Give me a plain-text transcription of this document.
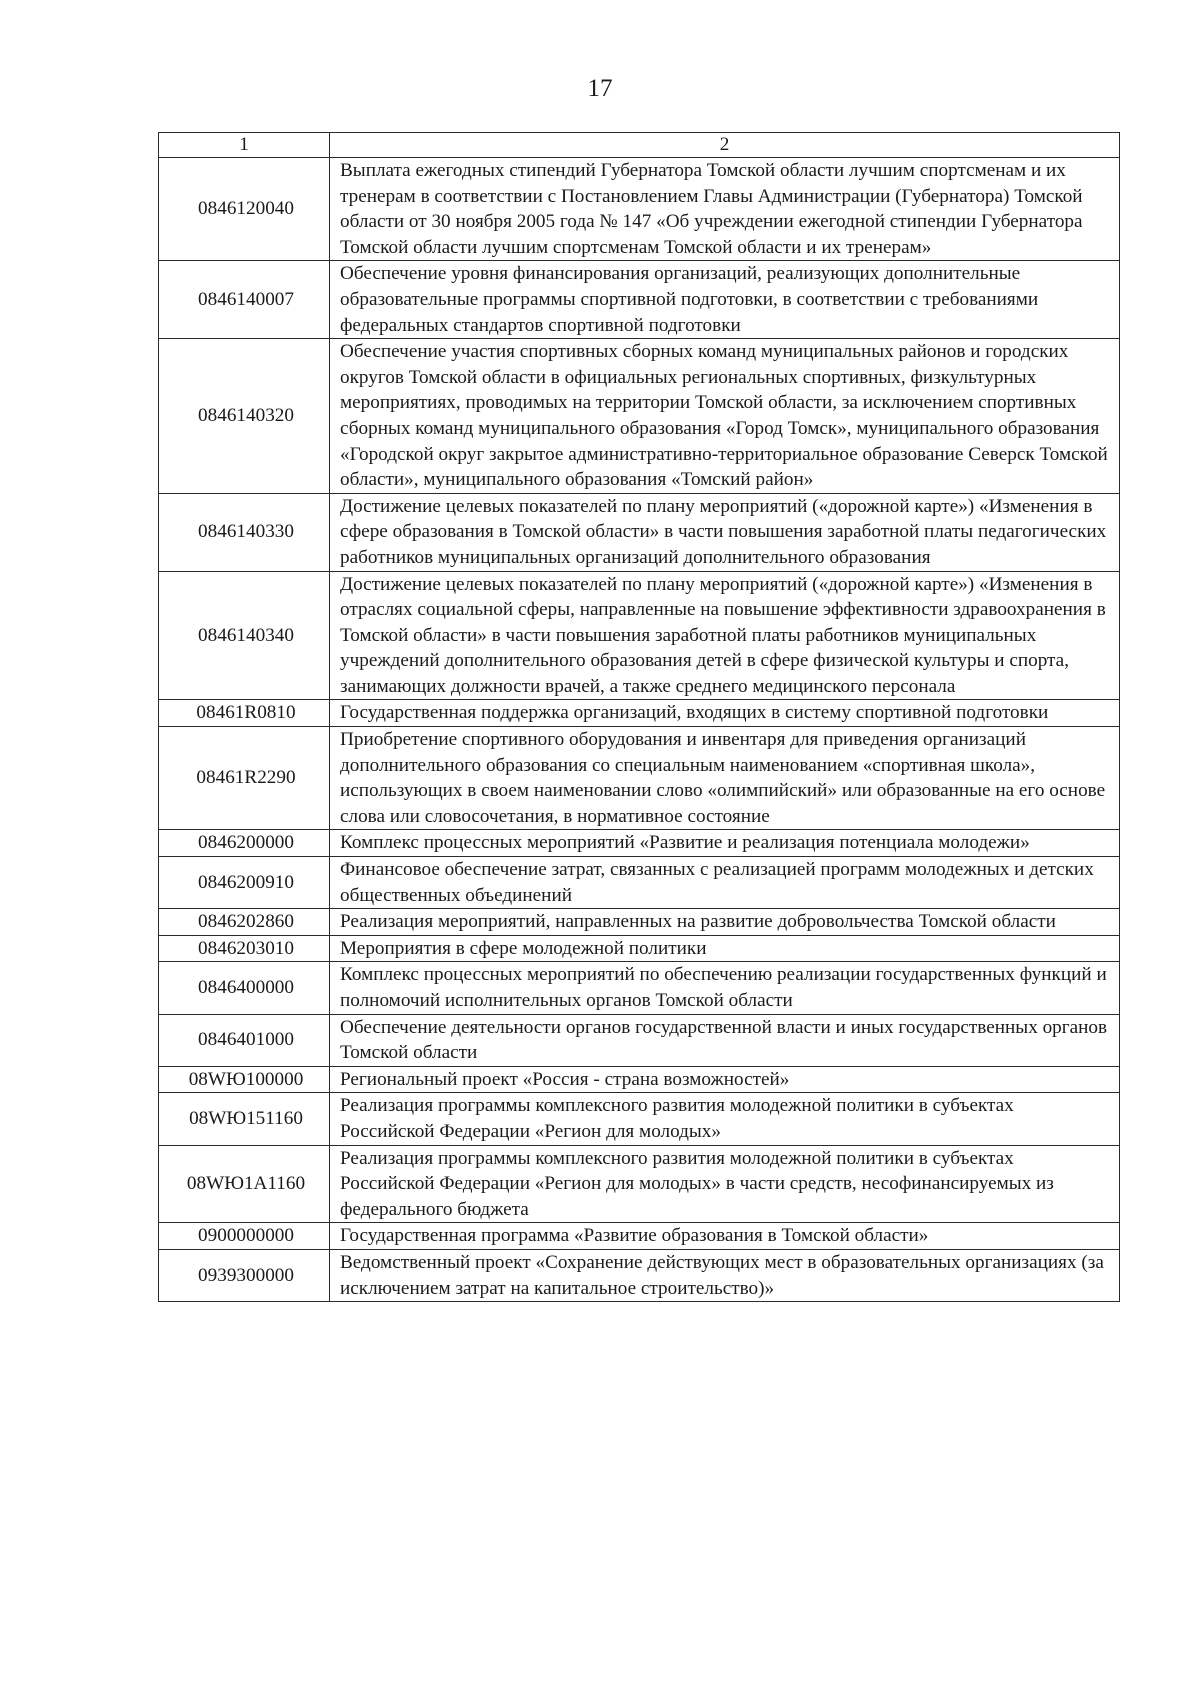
17
1	2
0846120040	Выплата ежегодных стипендий Губернатора Томской области лучшим спортсменам и их тренерам в соответствии с Постановлением Главы Администрации (Губернатора) Томской области от 30 ноября 2005 года № 147 «Об учреждении ежегодной стипендии Губернатора Томской области лучшим спортсменам Томской области и их тренерам»
0846140007	Обеспечение уровня финансирования организаций, реализующих дополнительные образовательные программы спортивной подготовки, в соответствии с требованиями федеральных стандартов спортивной подготовки
0846140320	Обеспечение участия спортивных сборных команд муниципальных районов и городских округов Томской области в официальных региональных спортивных, физкультурных мероприятиях, проводимых на территории Томской области, за исключением спортивных сборных команд муниципального образования «Город Томск», муниципального образования «Городской округ закрытое административно-территориальное образование Северск Томской области», муниципального образования «Томский район»
0846140330	Достижение целевых показателей по плану мероприятий («дорожной карте») «Изменения в сфере образования в Томской области» в части повышения заработной платы педагогических работников муниципальных организаций дополнительного образования
0846140340	Достижение целевых показателей по плану мероприятий («дорожной карте») «Изменения в отраслях социальной сферы, направленные на повышение эффективности здравоохранения в Томской области» в части повышения заработной платы работников муниципальных учреждений дополнительного образования детей в сфере физической культуры и спорта, занимающих должности врачей, а также среднего медицинского персонала
08461R0810	Государственная поддержка организаций, входящих в систему спортивной подготовки
08461R2290	Приобретение спортивного оборудования и инвентаря для приведения организаций дополнительного образования со специальным наименованием «спортивная школа», использующих в своем наименовании слово «олимпийский» или образованные на его основе слова или словосочетания, в нормативное состояние
0846200000	Комплекс процессных мероприятий «Развитие и реализация потенциала молодежи»
0846200910	Финансовое обеспечение затрат, связанных с реализацией программ молодежных и детских общественных объединений
0846202860	Реализация мероприятий, направленных на развитие добровольчества Томской области
0846203010	Мероприятия в сфере молодежной политики
0846400000	Комплекс процессных мероприятий по обеспечению реализации государственных функций и полномочий исполнительных органов Томской области
0846401000	Обеспечение деятельности органов государственной власти и иных государственных органов Томской области
08WЮ100000	Региональный проект «Россия - страна возможностей»
08WЮ151160	Реализация программы комплексного развития молодежной политики в субъектах Российской Федерации «Регион для молодых»
08WЮ1A1160	Реализация программы комплексного развития молодежной политики в субъектах Российской Федерации «Регион для молодых» в части средств, несофинансируемых из федерального бюджета
0900000000	Государственная программа «Развитие образования в Томской области»
0939300000	Ведомственный проект «Сохранение действующих мест в образовательных организациях (за исключением затрат на капитальное строительство)»
